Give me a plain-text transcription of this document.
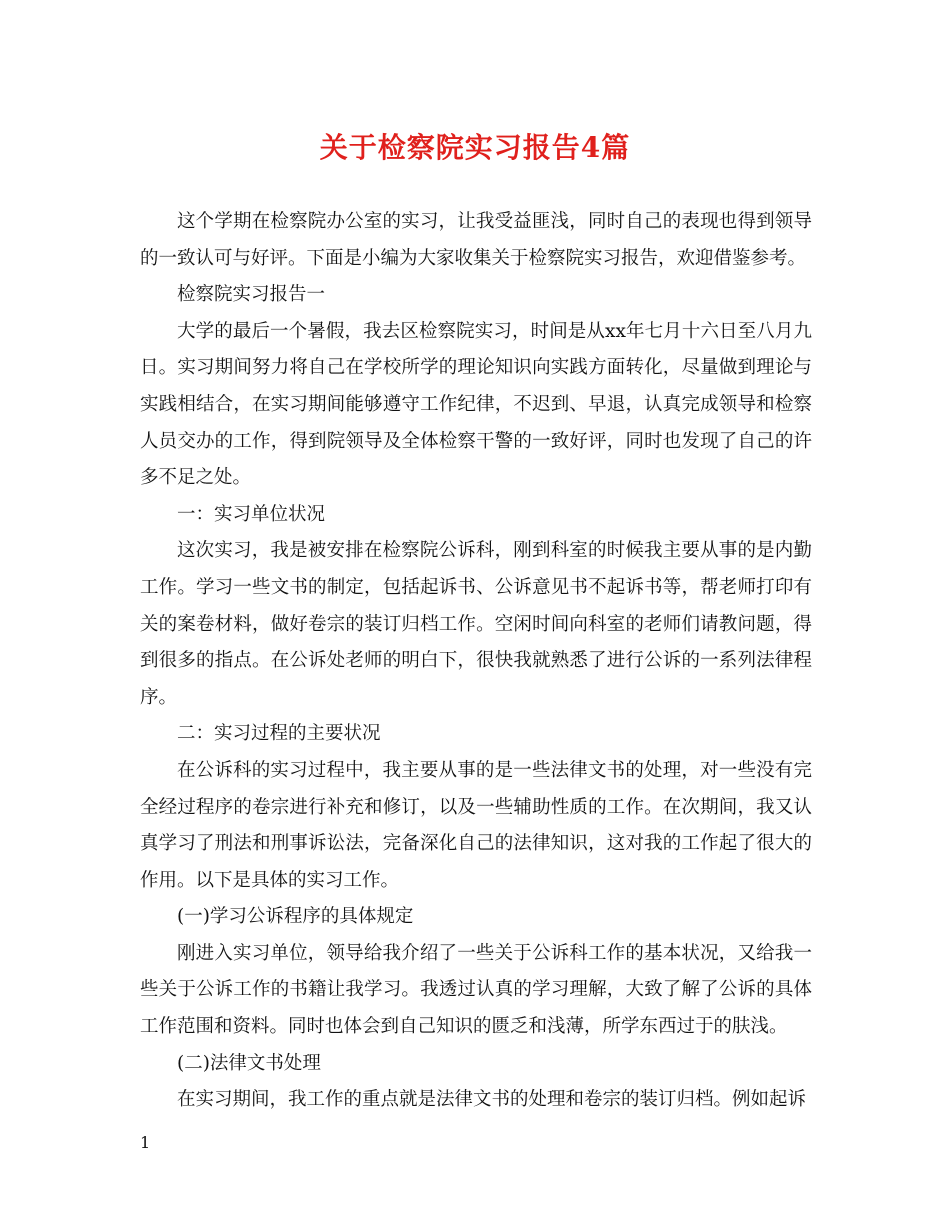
关于检察院实习报告4篇

这个学期在检察院办公室的实习，让我受益匪浅，同时自己的表现也得到领导的一致认可与好评。下面是小编为大家收集关于检察院实习报告，欢迎借鉴参考。

检察院实习报告一

大学的最后一个暑假，我去区检察院实习，时间是从xx年七月十六日至八月九日。实习期间努力将自己在学校所学的理论知识向实践方面转化，尽量做到理论与实践相结合，在实习期间能够遵守工作纪律，不迟到、早退，认真完成领导和检察人员交办的工作，得到院领导及全体检察干警的一致好评，同时也发现了自己的许多不足之处。

一：实习单位状况

这次实习，我是被安排在检察院公诉科，刚到科室的时候我主要从事的是内勤工作。学习一些文书的制定，包括起诉书、公诉意见书不起诉书等，帮老师打印有关的案卷材料，做好卷宗的装订归档工作。空闲时间向科室的老师们请教问题，得到很多的指点。在公诉处老师的明白下，很快我就熟悉了进行公诉的一系列法律程序。

二：实习过程的主要状况

在公诉科的实习过程中，我主要从事的是一些法律文书的处理，对一些没有完全经过程序的卷宗进行补充和修订，以及一些辅助性质的工作。在次期间，我又认真学习了刑法和刑事诉讼法，完备深化自己的法律知识，这对我的工作起了很大的作用。以下是具体的实习工作。

(一)学习公诉程序的具体规定

刚进入实习单位，领导给我介绍了一些关于公诉科工作的基本状况，又给我一些关于公诉工作的书籍让我学习。我透过认真的学习理解，大致了解了公诉的具体工作范围和资料。同时也体会到自己知识的匮乏和浅薄，所学东西过于的肤浅。

(二)法律文书处理

在实习期间，我工作的重点就是法律文书的处理和卷宗的装订归档。例如起诉

1
